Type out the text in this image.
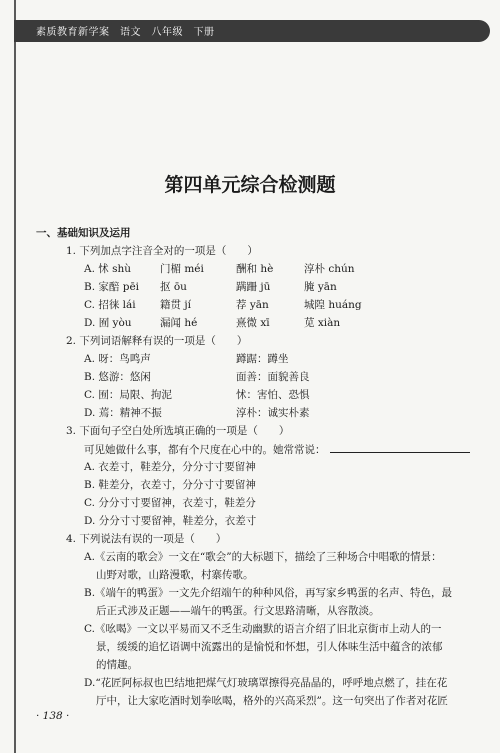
素质教育新学案　语文　八年级　下册
第四单元综合检测题
一、基础知识及运用
1. 下列加点字注音全对的一项是（　　）
A. 怵 shù	门楣 méi	酬和 hè	淳朴 chún
B. 家醅 pēi 抠 ōu	蹒跚 jū	腌 yān
C. 招徕 lái 籍贯 jí	荐 yān	城隍 huáng
D. 囿 yòu	漏闻 hé	熹微 xī	苋 xiàn
2. 下列词语解释有误的一项是（　　）
A. 呀：鸟鸣声	蹲踞：蹲坐
B. 悠游：悠闲	面善：面貌善良
C. 囿：局限、拘泥	怵：害怕、恐惧
D. 蔫：精神不振	淳朴：诚实朴素
3. 下面句子空白处所选填正确的一项是（　　）
可见她做什么事，都有个尺度在心中的。她常常说：
A. 衣差寸，鞋差分，分分寸寸要留神
B. 鞋差分，衣差寸，分分寸寸要留神
C. 分分寸寸要留神，衣差寸，鞋差分
D. 分分寸寸要留神，鞋差分，衣差寸
4. 下列说法有误的一项是（　　）
A.《云南的歌会》一文在“歌会”的大标题下，描绘了三种场合中唱歌的情景：
山野对歌，山路漫歌，村寨传歌。
B.《端午的鸭蛋》一文先介绍端午的种种风俗，再写家乡鸭蛋的名声、特色，最
后正式涉及正题——端午的鸭蛋。行文思路清晰，从容散淡。
C.《吆喝》一文以平易而又不乏生动幽默的语言介绍了旧北京街市上动人的一
景，缓缓的追忆语调中流露出的是愉悦和怀想，引人体味生活中蕴含的浓郁
的情趣。
D.“花匠阿标叔也巴结地把煤气灯玻璃罩擦得亮晶晶的，呼呼地点燃了，挂在花
厅中，让大家吃酒时划拳吆喝，格外的兴高采烈”。这一句突出了作者对花匠
· 138 ·
